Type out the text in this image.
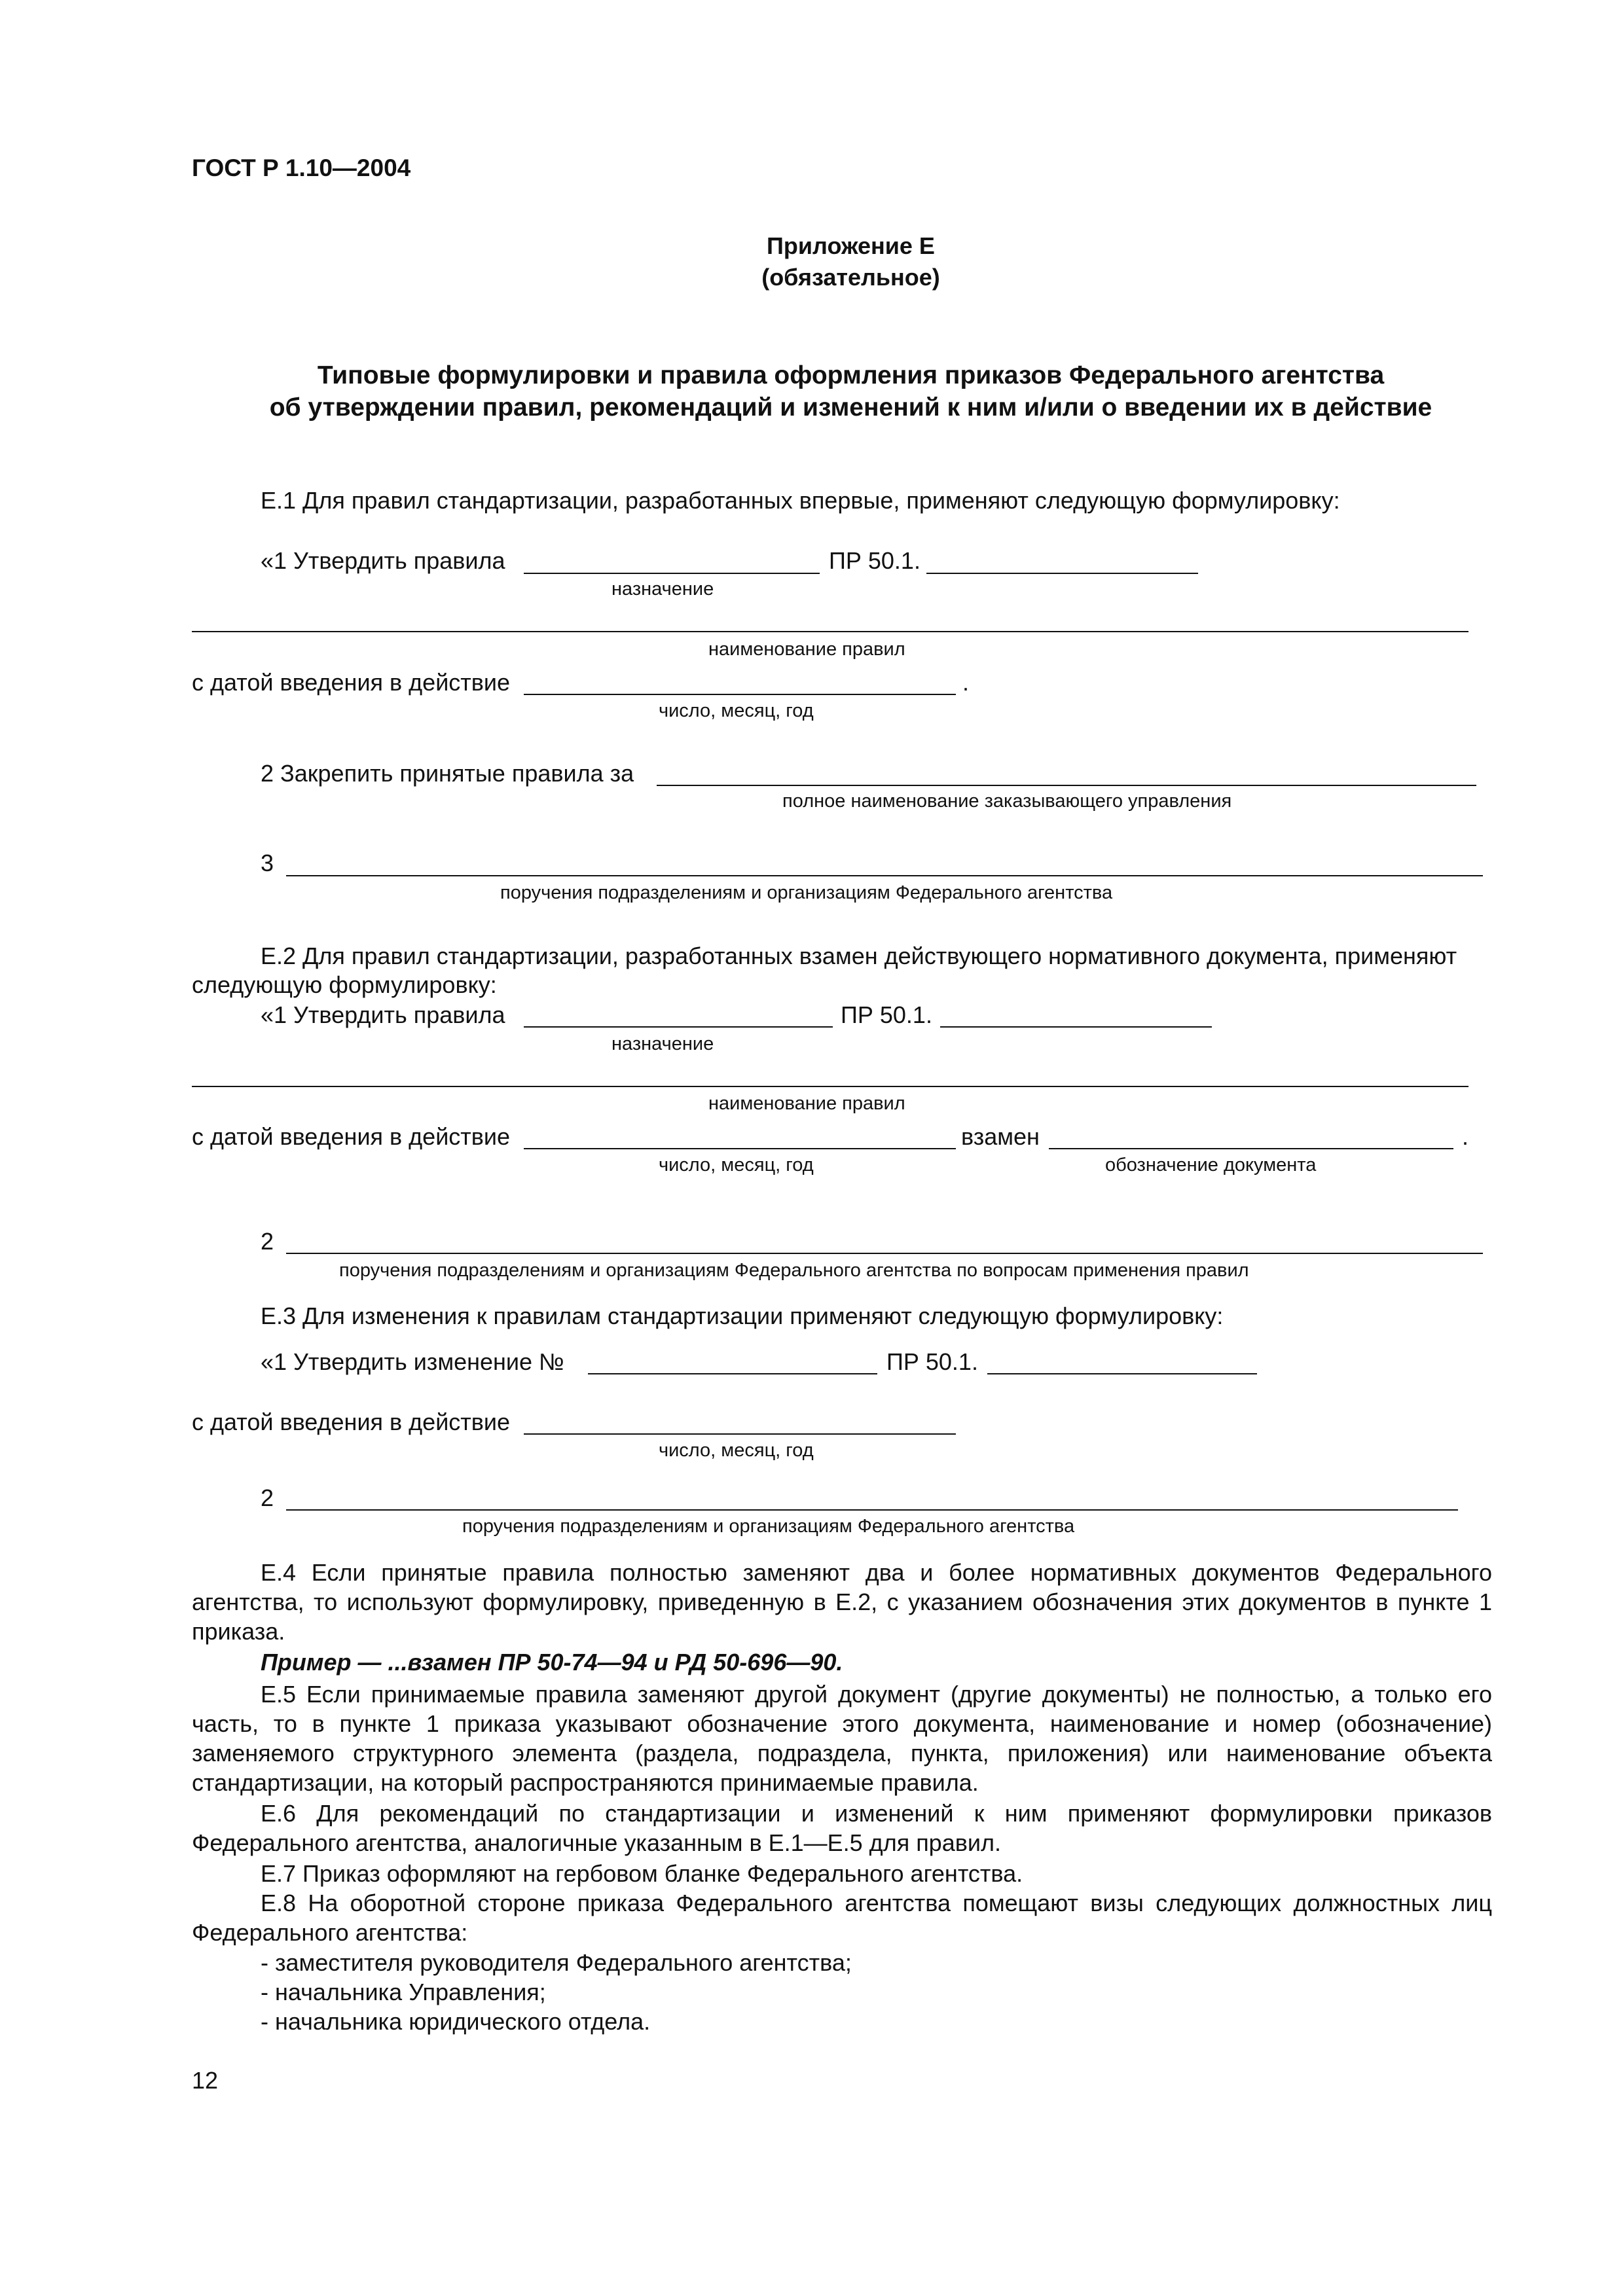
ГОСТ Р 1.10—2004
Приложение Е
(обязательное)
Типовые формулировки и правила оформления приказов Федерального агентства
об утверждении правил, рекомендаций и изменений к ним и/или о введении их в действие
Е.1 Для правил стандартизации, разработанных впервые, применяют следующую формулировку:
«1 Утвердить правила	ПР 50.1.
назначение
наименование правил
с датой введения в действие	.
число, месяц, год
2 Закрепить принятые правила за
полное наименование заказывающего управления
3
поручения подразделениям и организациям Федерального агентства
Е.2 Для правил стандартизации, разработанных взамен действующего нормативного документа, применяют
следующую формулировку:
«1 Утвердить правила	ПР 50.1.
назначение
наименование правил
с датой введения в действие	взамен	.
число, месяц, год	обозначение документа
2
поручения подразделениям и организациям Федерального агентства по вопросам применения правил
Е.3 Для изменения к правилам стандартизации применяют следующую формулировку:
«1 Утвердить изменение №	ПР 50.1.
с датой введения в действие
число, месяц, год
2
поручения подразделениям и организациям Федерального агентства
Е.4 Если принятые правила полностью заменяют два и более нормативных документов Федерального агентства, то используют формулировку, приведенную в Е.2, с указанием обозначения этих документов в пункте 1 приказа.
Пример — ...взамен ПР 50-74—94 и РД 50-696—90.
Е.5 Если принимаемые правила заменяют другой документ (другие документы) не полностью, а только его часть, то в пункте 1 приказа указывают обозначение этого документа, наименование и номер (обозначение) заменяемого структурного элемента (раздела, подраздела, пункта, приложения) или наименование объекта стандартизации, на который распространяются принимаемые правила.
Е.6 Для рекомендаций по стандартизации и изменений к ним применяют формулировки приказов Федерального агентства, аналогичные указанным в Е.1—Е.5 для правил.
Е.7 Приказ оформляют на гербовом бланке Федерального агентства.
Е.8 На оборотной стороне приказа Федерального агентства помещают визы следующих должностных лиц Федерального агентства:
- заместителя руководителя Федерального агентства;
- начальника Управления;
- начальника юридического отдела.
12
